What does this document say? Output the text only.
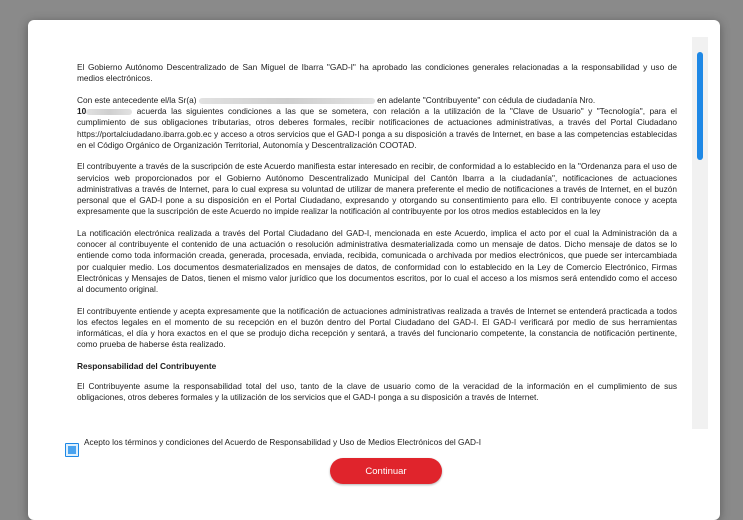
El Gobierno Autónomo Descentralizado de San Miguel de Ibarra "GAD-I" ha aprobado las condiciones generales relacionadas a la responsabilidad y uso de medios electrónicos.

Con este antecedente el/la Sr(a)	en adelante "Contribuyente" con cédula de ciudadanía Nro.
10	acuerda las siguientes condiciones a las que se sometera, con relación a la utilización de la "Clave de Usuario" y "Tecnología", para el cumplimiento de sus obligaciones tributarias, otros deberes formales, recibir notificaciones de actuaciones administrativas, a través del Portal Ciudadano https://portalciudadano.ibarra.gob.ec y acceso a otros servicios que el GAD-I ponga a su disposición a través de Internet, en base a las competencias establecidas en el Código Orgánico de Organización Territorial, Autonomía y Descentralización COOTAD.

El contribuyente a través de la suscripción de este Acuerdo manifiesta estar interesado en recibir, de conformidad a lo establecido en la "Ordenanza para el uso de servicios web proporcionados por el Gobierno Autónomo Descentralizado Municipal del Cantón Ibarra a la ciudadanía", notificaciones de actuaciones administrativas a través de Internet, para lo cual expresa su voluntad de utilizar de manera preferente el medio de notificaciones a través de Internet, en el buzón personal que el GAD-I pone a su disposición en el Portal Ciudadano, expresando y otorgando su consentimiento para ello. El contribuyente conoce y acepta expresamente que la suscripción de este Acuerdo no impide realizar la notificación al contribuyente por los otros medios establecidos en la ley

La notificación electrónica realizada a través del Portal Ciudadano del GAD-I, mencionada en este Acuerdo, implica el acto por el cual la Administración da a conocer al contribuyente el contenido de una actuación o resolución administrativa desmaterializada como un mensaje de datos. Dicho mensaje de datos se lo entiende como toda información creada, generada, procesada, enviada, recibida, comunicada o archivada por medios electrónicos, que puede ser intercambiada por cualquier medio. Los documentos desmaterializados en mensajes de datos, de conformidad con lo establecido en la Ley de Comercio Electrónico, Firmas Electrónicas y Mensajes de Datos, tienen el mismo valor jurídico que los documentos escritos, por lo cual el acceso a los mismos será entendido como el acceso al documento original.

El contribuyente entiende y acepta expresamente que la notificación de actuaciones administrativas realizada a través de Internet se entenderá practicada a todos los efectos legales en el momento de su recepción en el buzón dentro del Portal Ciudadano del GAD-I. El GAD-I verificará por medio de sus herramientas informáticas, el día y hora exactos en el que se produjo dicha recepción y sentará, a través del funcionario competente, la constancia de notificación pertinente, como prueba de haberse ésta realizado.

Responsabilidad del Contribuyente

El Contribuyente asume la responsabilidad total del uso, tanto de la clave de usuario como de la veracidad de la información en el cumplimiento de sus obligaciones, otros deberes formales y la utilización de los servicios que el GAD-I ponga a su disposición a través de Internet.

Acepto los términos y condiciones del Acuerdo de Responsabilidad y Uso de Medios Electrónicos del GAD-I
Continuar
